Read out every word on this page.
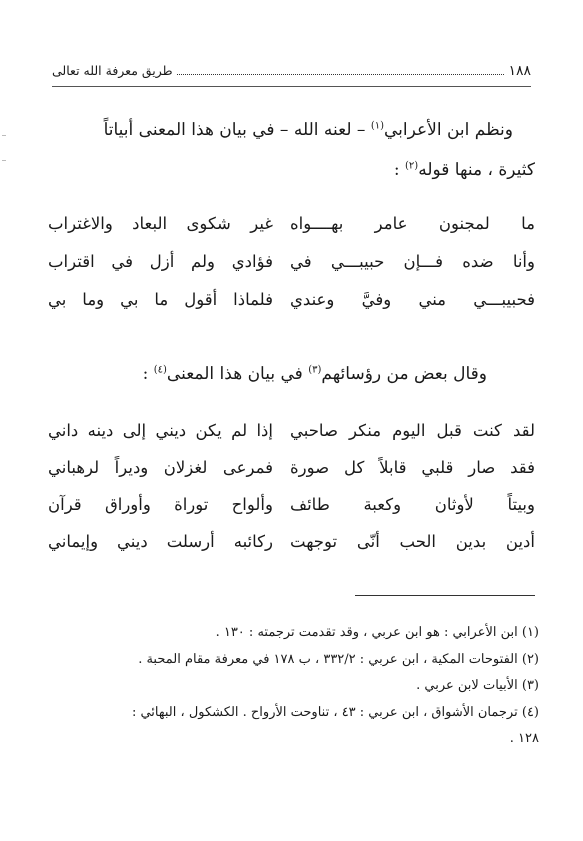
١٨٨
طريق معرفة الله تعالى
ونظم ابن الأعرابي$^{(١)}$ – لعنه الله – في بيان هذا المعنى أبياتاً
كثيرة ، منها قوله$^{(٢)}$ :
ما لمجنون عامر ﺑﻬــــواه
غير شكوى البعاد والاغتراب
وأنا ضده فـــإن حبيبـــي في
فؤادي ولم أزل في اقتراب
فحبيبـــي مني وفيَّ وعندي
فلماذا أقول ما بي وما بي
وقال بعض من رؤسائهم$^{(٣)}$ في بيان هذا المعنى$^{(٤)}$ :
لقد كنت قبل اليوم منكر صاحبي
إذا لم يكن ديني إلى دينه داني
فقد صار قلبي قابلاً كل صورة
فمرعى لغزلان وديراً لرهباني
وبيتاً لأوثان وكعبة طائف
وألواح توراة وأوراق قرآن
أدين بدين الحب أنّى توجهت
ركائبه أرسلت ديني وإيماني
(١) ابن الأعرابي : هو ابن عربي ، وقد تقدمت ترجمته : ١٣٠ .
(٢) الفتوحات المكية ، ابن عربي : ٣٣٢/٢ ، ب ١٧٨ في معرفة مقام المحبة .
(٣) الأبيات لابن عربي .
(٤) ترجمان الأشواق ، ابن عربي : ٤٣ ، تناوحت الأرواح . الكشكول ، البهائي :
١٢٨ .
